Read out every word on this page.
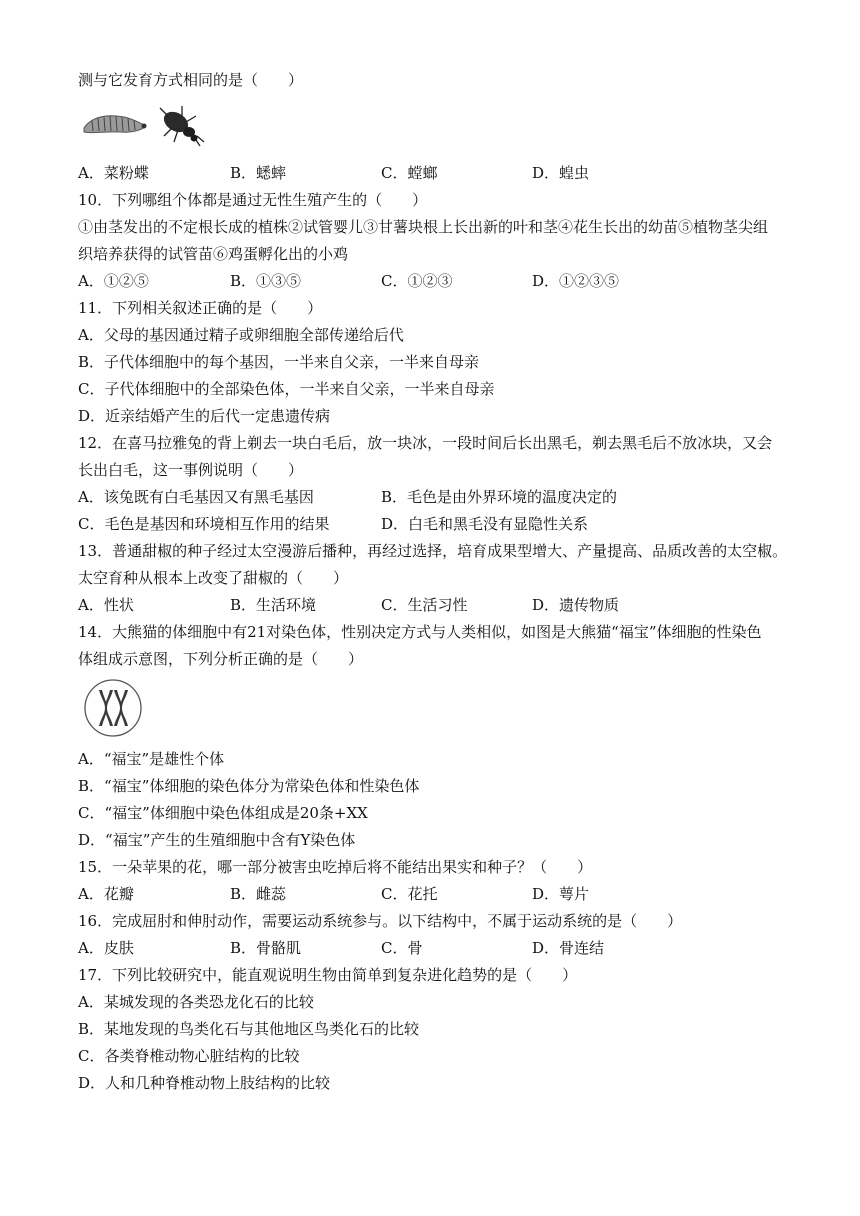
测与它发育方式相同的是（　　）
A．菜粉蝶	B．蟋蟀	C．螳螂	D．蝗虫
10．下列哪组个体都是通过无性生殖产生的（　　）
①由茎发出的不定根长成的植株②试管婴儿③甘薯块根上长出新的叶和茎④花生长出的幼苗⑤植物茎尖组
织培养获得的试管苗⑥鸡蛋孵化出的小鸡
A．①②⑤	B．①③⑤	C．①②③	D．①②③⑤
11．下列相关叙述正确的是（　　）
A．父母的基因通过精子或卵细胞全部传递给后代
B．子代体细胞中的每个基因，一半来自父亲，一半来自母亲
C．子代体细胞中的全部染色体，一半来自父亲，一半来自母亲
D．近亲结婚产生的后代一定患遗传病
12．在喜马拉雅兔的背上剃去一块白毛后，放一块冰，一段时间后长出黑毛，剃去黑毛后不放冰块，又会
长出白毛，这一事例说明（　　）
A．该兔既有白毛基因又有黑毛基因	B．毛色是由外界环境的温度决定的
C．毛色是基因和环境相互作用的结果	D．白毛和黑毛没有显隐性关系
13．普通甜椒的种子经过太空漫游后播种，再经过选择，培育成果型增大、产量提高、品质改善的太空椒。
太空育种从根本上改变了甜椒的（　　）
A．性状	B．生活环境	C．生活习性	D．遗传物质
14．大熊猫的体细胞中有21对染色体，性别决定方式与人类相似，如图是大熊猫“福宝”体细胞的性染色
体组成示意图，下列分析正确的是（　　）
A．“福宝”是雄性个体
B．“福宝”体细胞的染色体分为常染色体和性染色体
C．“福宝”体细胞中染色体组成是20条+XX
D．“福宝”产生的生殖细胞中含有Y染色体
15．一朵苹果的花，哪一部分被害虫吃掉后将不能结出果实和种子？（　　）
A．花瓣	B．雌蕊	C．花托	D．萼片
16．完成屈肘和伸肘动作，需要运动系统参与。以下结构中，不属于运动系统的是（　　）
A．皮肤	B．骨骼肌	C．骨	D．骨连结
17．下列比较研究中，能直观说明生物由简单到复杂进化趋势的是（　　）
A．某城发现的各类恐龙化石的比较
B．某地发现的鸟类化石与其他地区鸟类化石的比较
C．各类脊椎动物心脏结构的比较
D．人和几种脊椎动物上肢结构的比较
